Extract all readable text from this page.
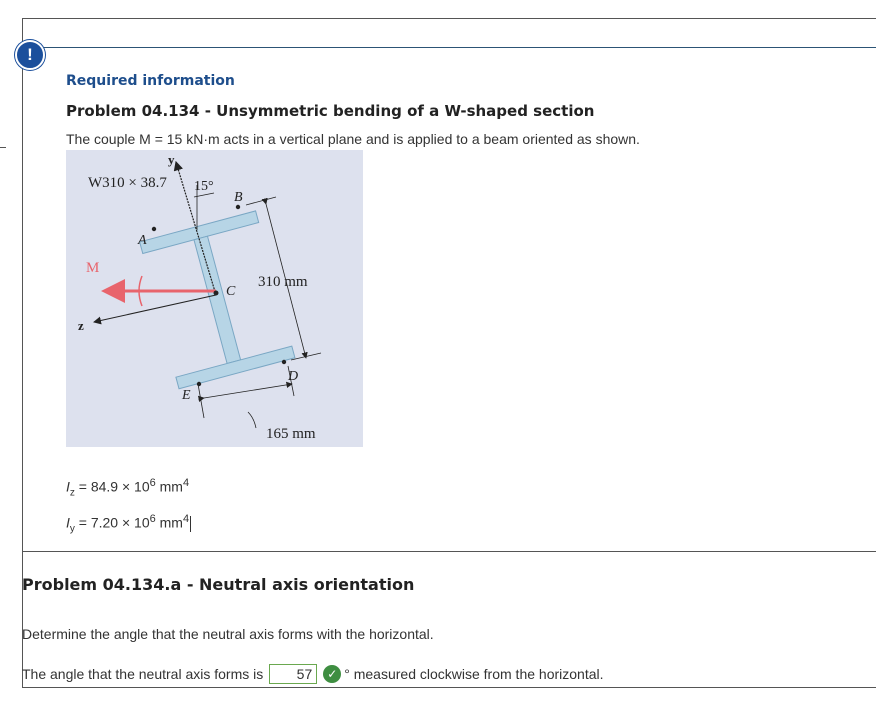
!
Required information
Problem 04.134 - Unsymmetric bending of a W-shaped section
The couple M = 15 kN·m acts in a vertical plane and is applied to a beam oriented as shown.
W310 × 38.7 15°
y
z
M
A
B
C
D
E
310 mm
165 mm
$I_z = 84.9 \times 10^6$ $mm^4$
$I_y = 7.20 \times 10^6$ $mm^4$
Problem 04.134.a - Neutral axis orientation
Determine the angle that the neutral axis forms with the horizontal.
The angle that the neutral axis forms is	57	✓ ° measured clockwise from the horizontal.
